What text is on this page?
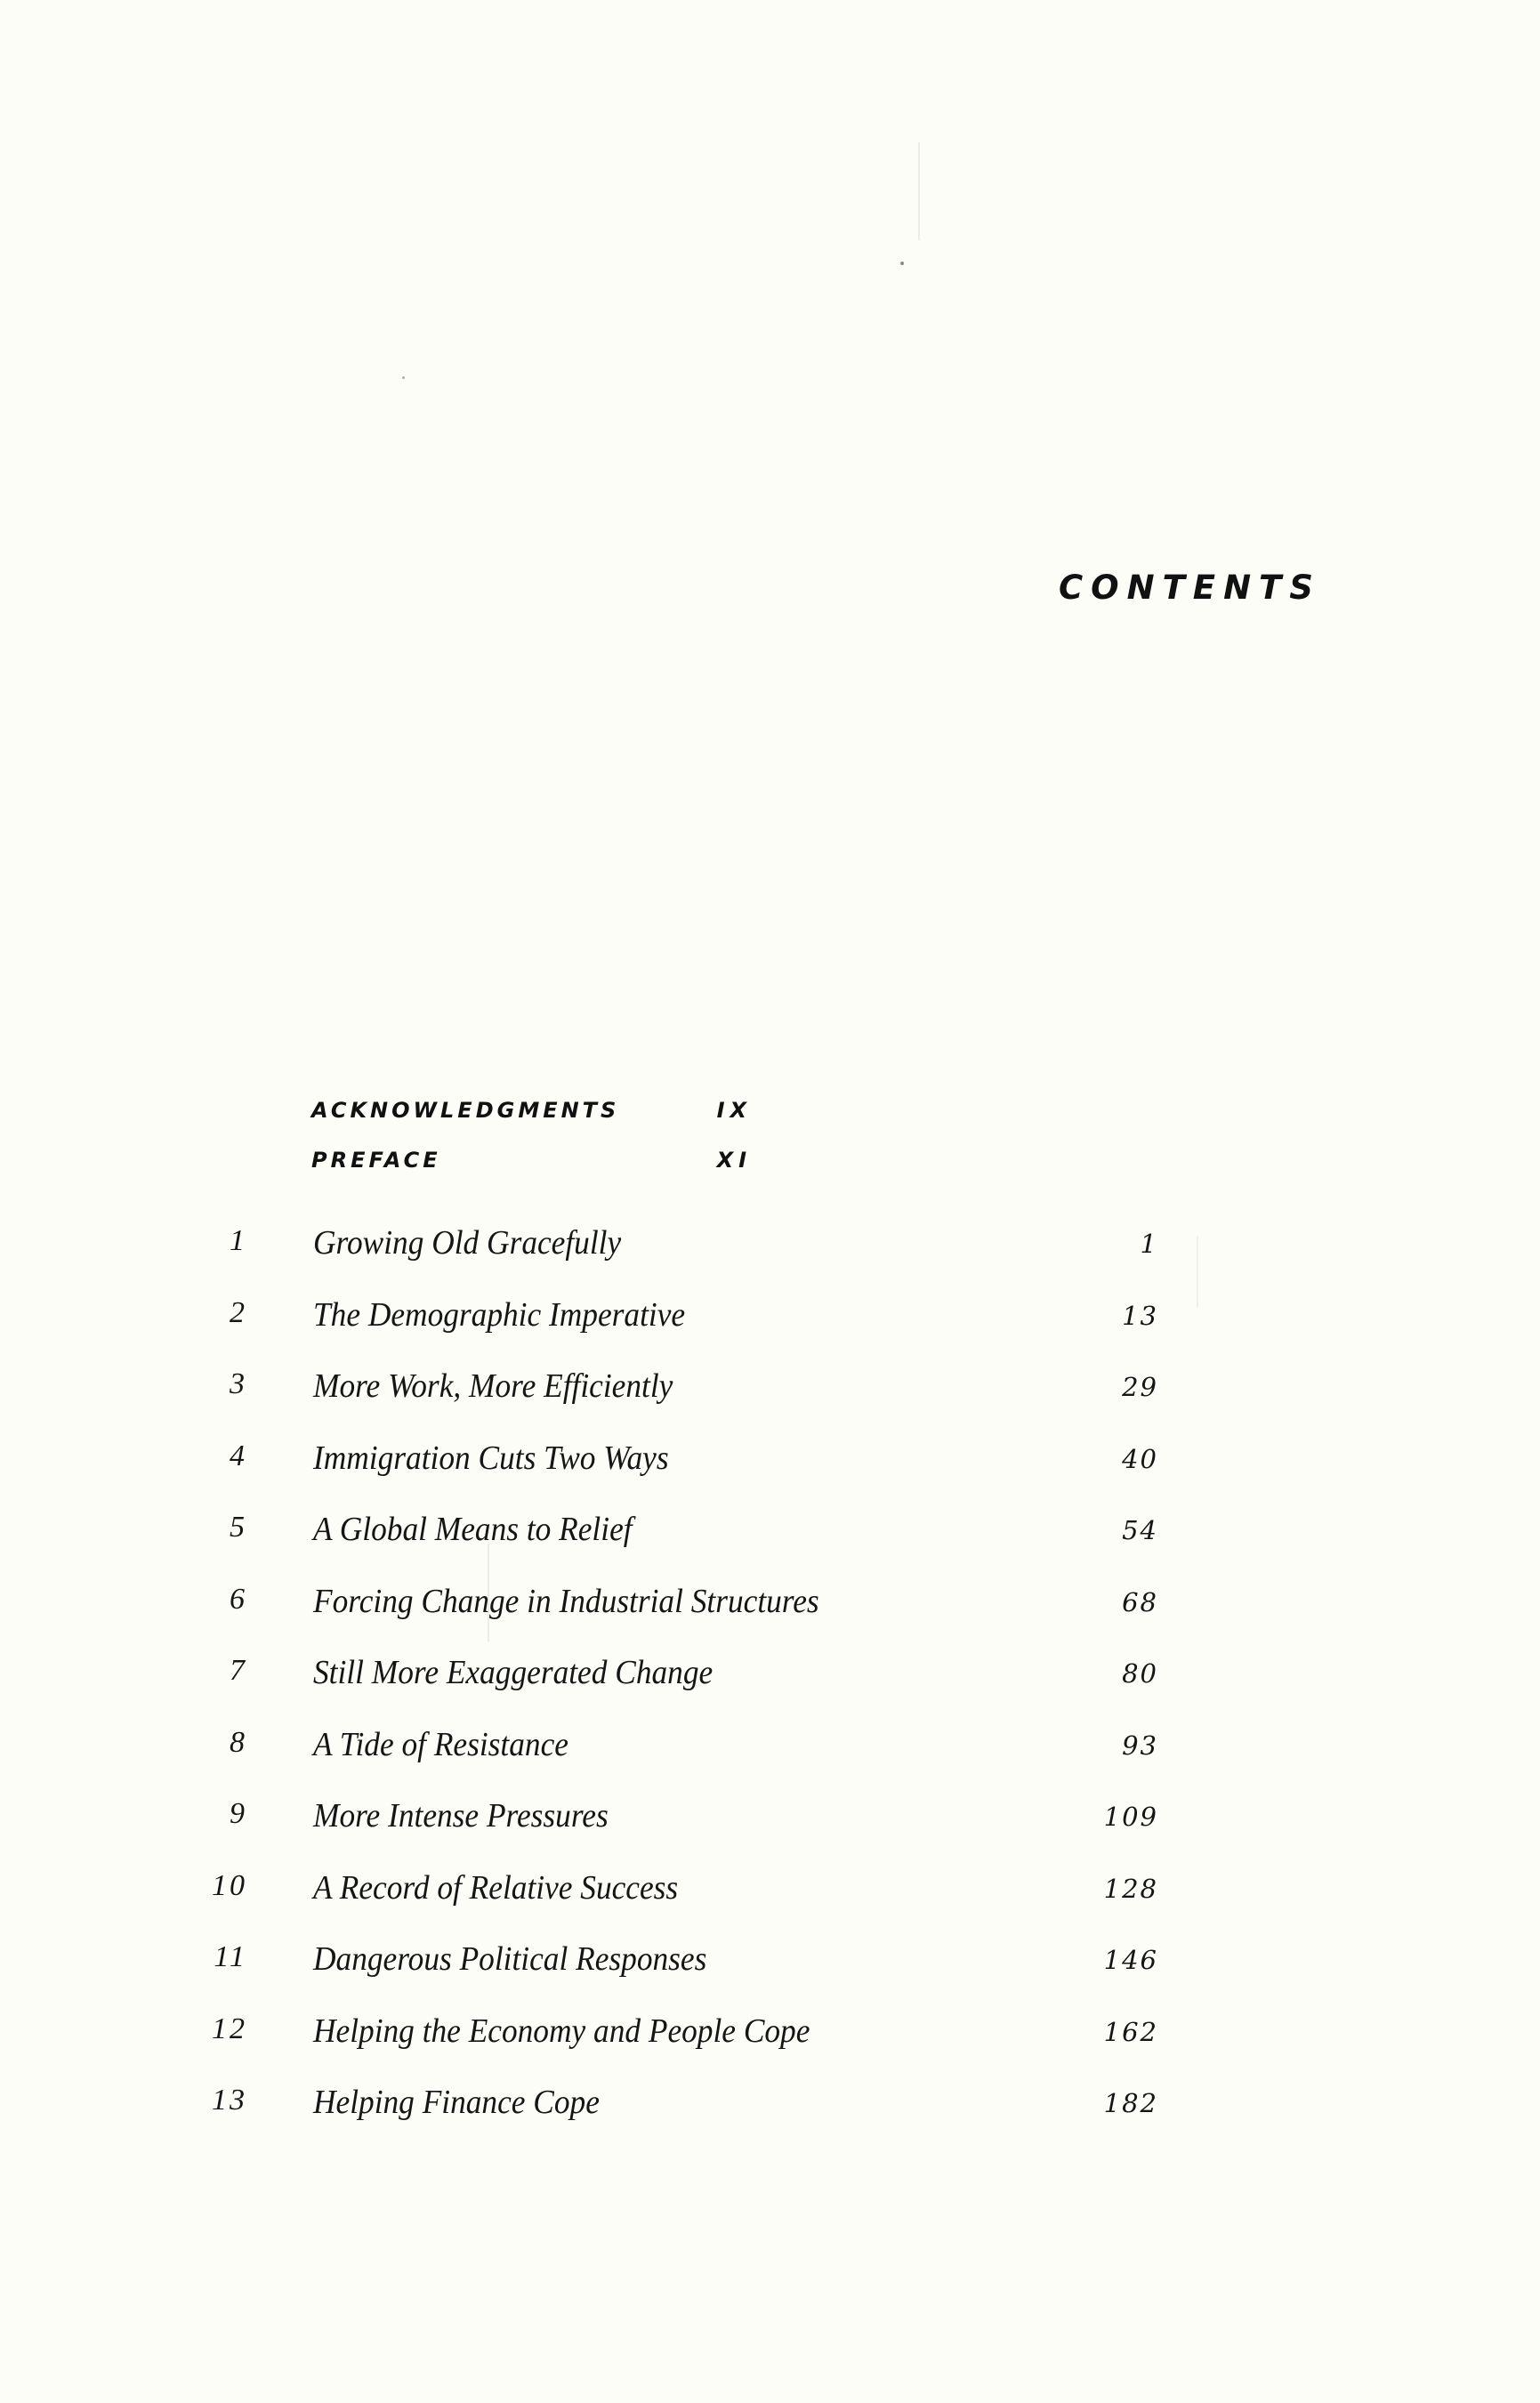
CONTENTS
ACKNOWLEDGMENTS	IX
PREFACE	XI
1 Growing Old Gracefully	1
2 The Demographic Imperative	13
3 More Work, More Efficiently	29
4 Immigration Cuts Two Ways	40
5 A Global Means to Relief	54
6 Forcing Change in Industrial Structures	68
7 Still More Exaggerated Change	80
8 A Tide of Resistance	93
9 More Intense Pressures	109
10 A Record of Relative Success	128
11 Dangerous Political Responses	146
12 Helping the Economy and People Cope	162
13 Helping Finance Cope	182
